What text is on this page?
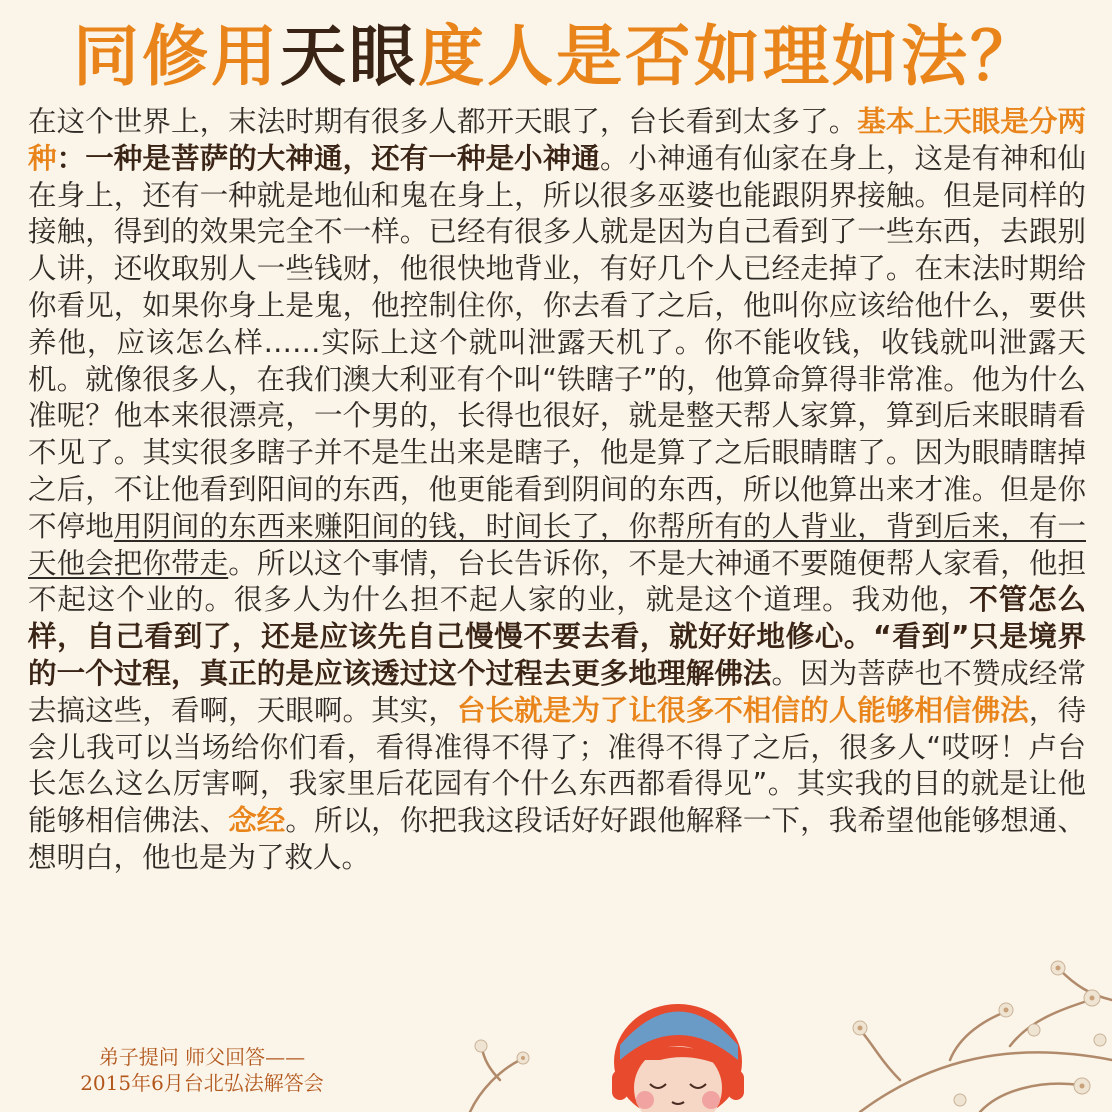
同修用天眼度人是否如理如法？
在这个世界上，末法时期有很多人都开天眼了，台长看到太多了。基本上天眼是分两种：一种是菩萨的大神通，还有一种是小神通。小神通有仙家在身上，这是有神和仙在身上，还有一种就是地仙和鬼在身上，所以很多巫婆也能跟阴界接触。但是同样的接触，得到的效果完全不一样。已经有很多人就是因为自己看到了一些东西，去跟别人讲，还收取别人一些钱财，他很快地背业，有好几个人已经走掉了。在末法时期给你看见，如果你身上是鬼，他控制住你，你去看了之后，他叫你应该给他什么，要供养他，应该怎么样……实际上这个就叫泄露天机了。你不能收钱，收钱就叫泄露天机。就像很多人，在我们澳大利亚有个叫“铁瞎子”的，他算命算得非常准。他为什么准呢？他本来很漂亮，一个男的，长得也很好，就是整天帮人家算，算到后来眼睛看不见了。其实很多瞎子并不是生出来是瞎子，他是算了之后眼睛瞎了。因为眼睛瞎掉之后，不让他看到阳间的东西，他更能看到阴间的东西，所以他算出来才准。但是你不停地用阴间的东西来赚阳间的钱，时间长了，你帮所有的人背业，背到后来，有一天他会把你带走。所以这个事情，台长告诉你，不是大神通不要随便帮人家看，他担不起这个业的。很多人为什么担不起人家的业，就是这个道理。我劝他，不管怎么样，自己看到了，还是应该先自己慢慢不要去看，就好好地修心。“看到”只是境界的一个过程，真正的是应该透过这个过程去更多地理解佛法。因为菩萨也不赞成经常去搞这些，看啊，天眼啊。其实，台长就是为了让很多不相信的人能够相信佛法，待会儿我可以当场给你们看，看得准得不得了；准得不得了之后，很多人“哎呀！卢台长怎么这么厉害啊，我家里后花园有个什么东西都看得见”。其实我的目的就是让他能够相信佛法、念经。所以，你把我这段话好好跟他解释一下，我希望他能够想通、想明白，他也是为了救人。
弟子提问 师父回答——
2015年6月台北弘法解答会
